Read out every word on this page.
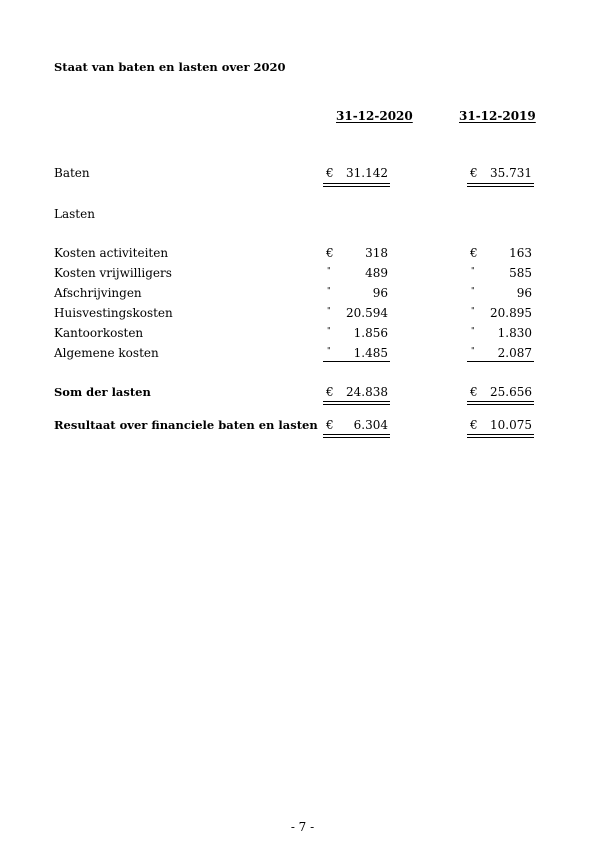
Staat van baten en lasten over 2020
31-12-2020	31-12-2019
Baten	€	31.142	€	35.731
Lasten
Kosten activiteiten	€	318	€	163
Kosten vrijwilligers	"	489	"	585
Afschrijvingen	"	96	"	96
Huisvestingskosten	"	20.594	"	20.895
Kantoorkosten	"	1.856	"	1.830
Algemene kosten	"	1.485	"	2.087
Som der lasten	€	24.838	€	25.656
Resultaat over financiele baten en lasten €	6.304	€	10.075
- 7 -
